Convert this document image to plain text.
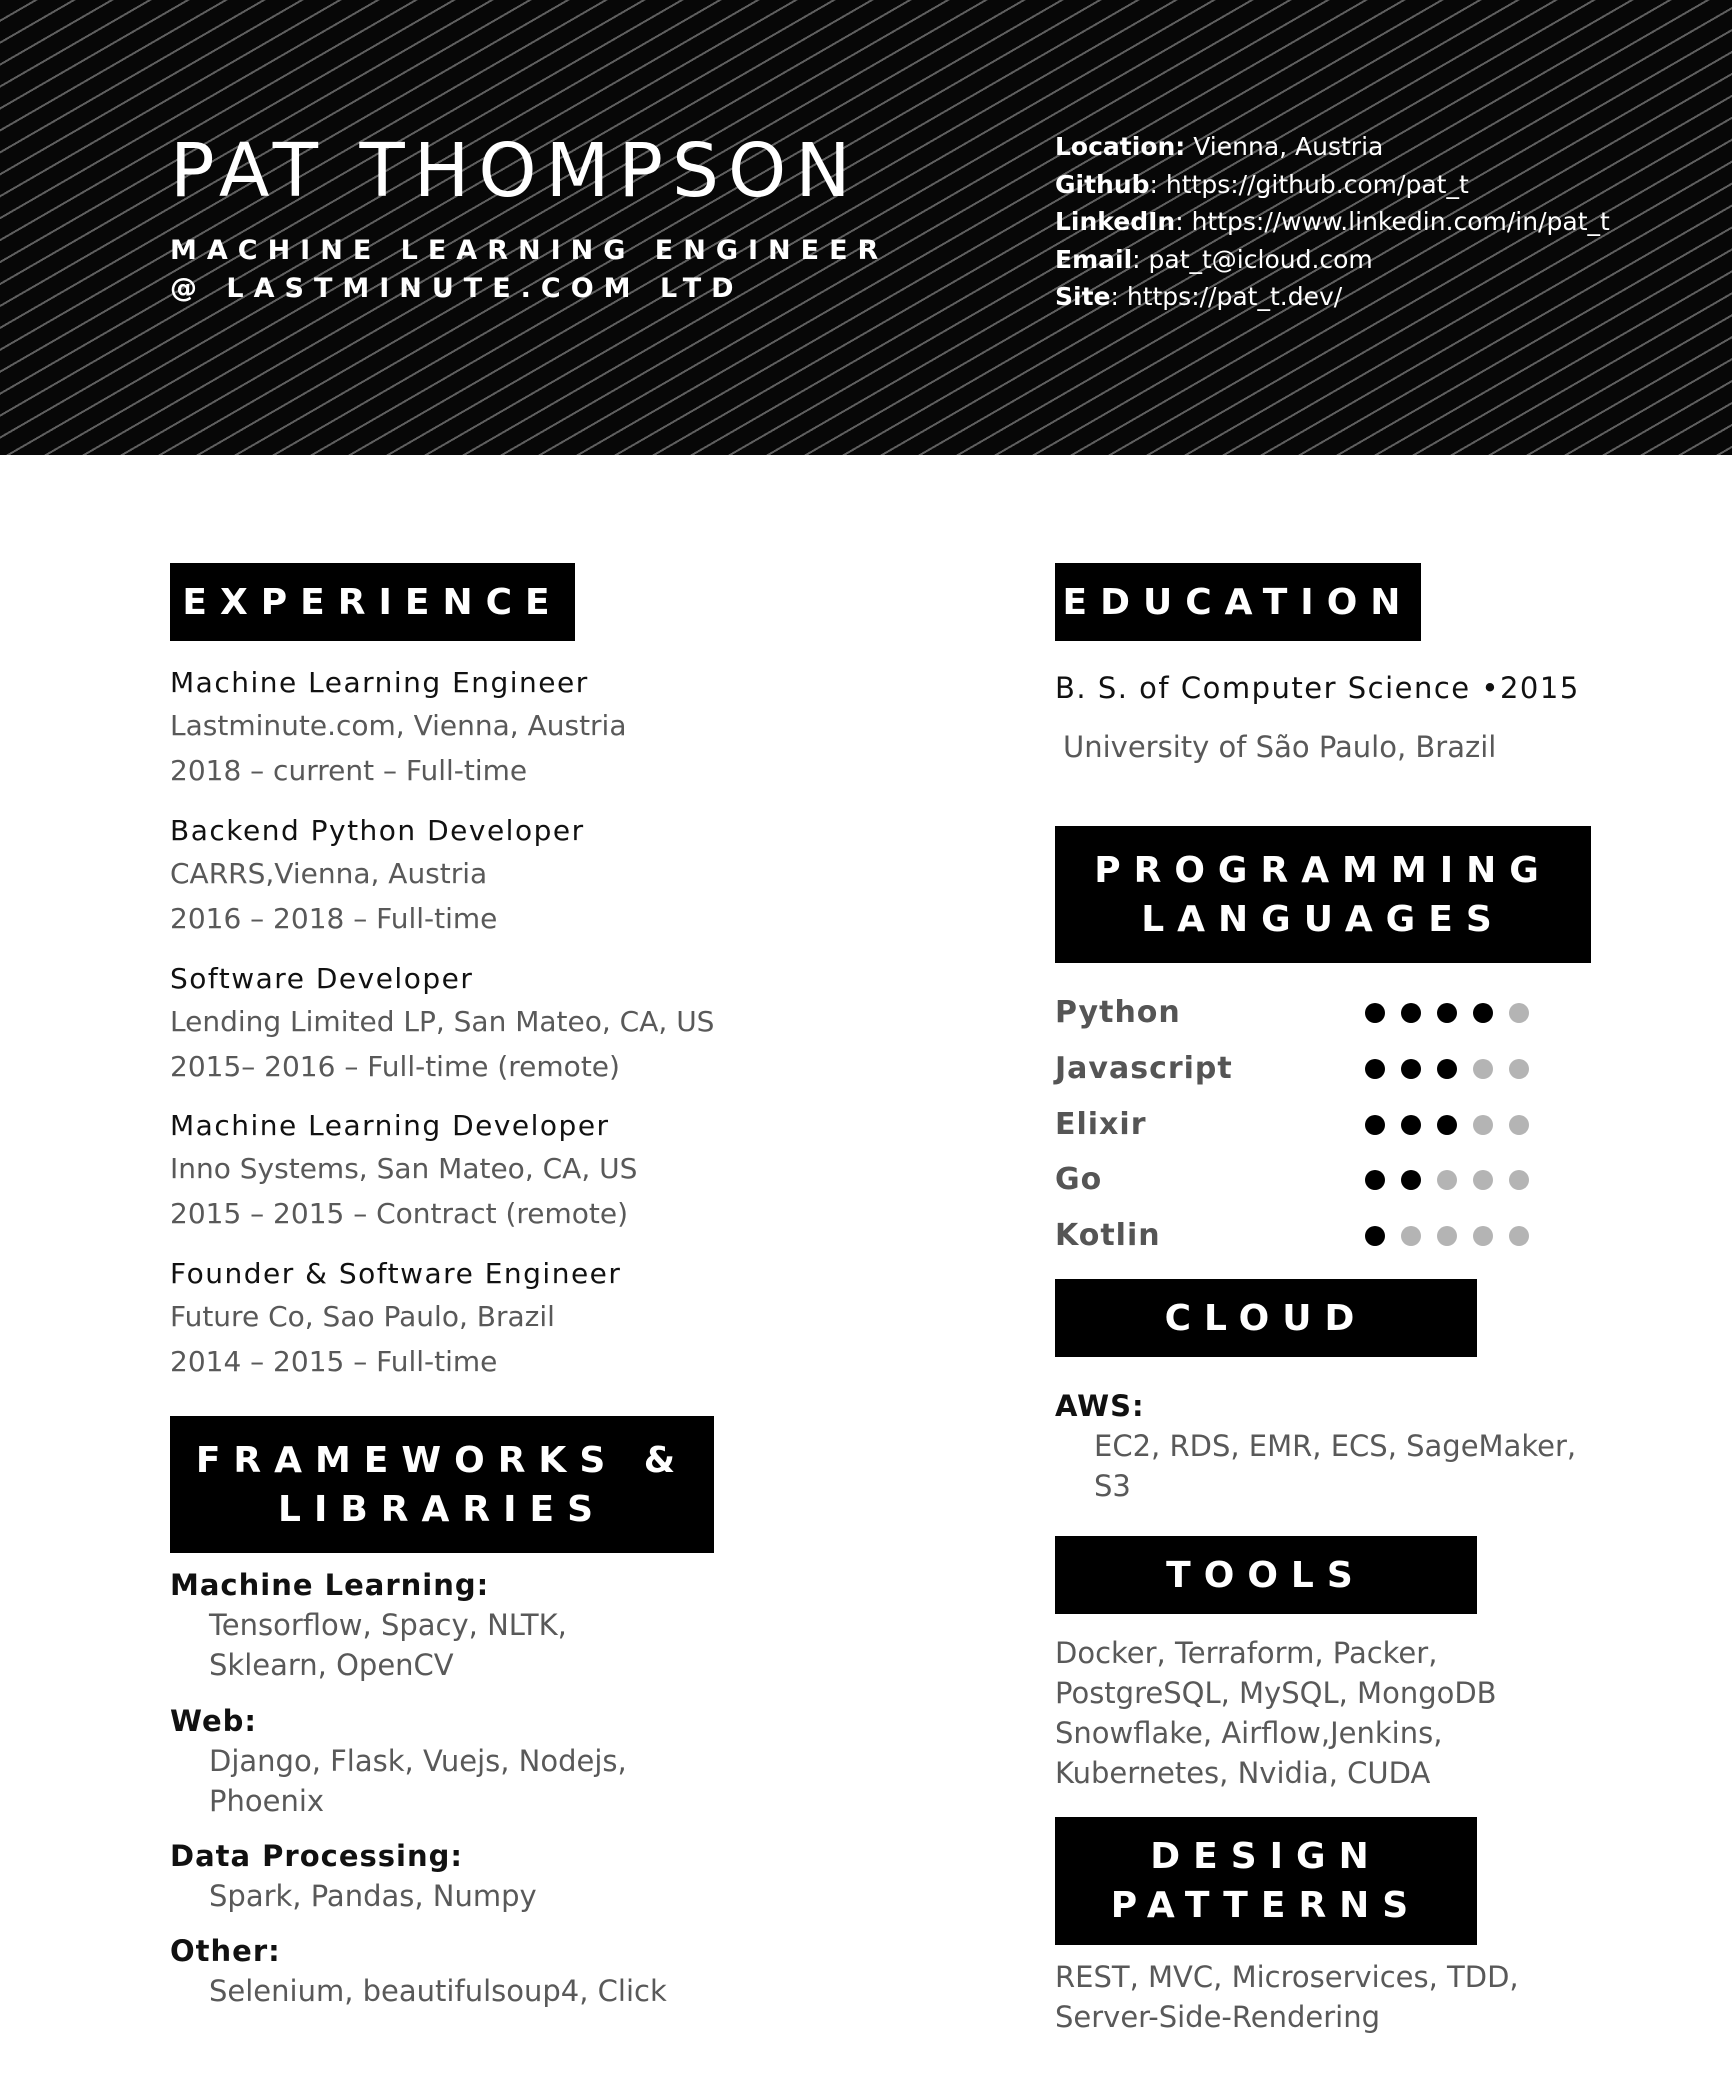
PAT THOMPSON
MACHINE LEARNING ENGINEER @ LASTMINUTE.COM LTD
Location: Vienna, Austria
Github: https://github.com/pat_t
LinkedIn: https://www.linkedin.com/in/pat_t
Email: pat_t@icloud.com
Site: https://pat_t.dev/
EXPERIENCE
Machine Learning Engineer
Lastminute.com, Vienna, Austria
2018 – current – Full-time
Backend Python Developer
CARRS,Vienna, Austria
2016 – 2018 – Full-time
Software Developer
Lending Limited LP, San Mateo, CA, US
2015– 2016 – Full-time (remote)
Machine Learning Developer
Inno Systems, San Mateo, CA, US
2015 – 2015 – Contract (remote)
Founder & Software Engineer
Future Co, Sao Paulo, Brazil
2014 – 2015 – Full-time
FRAMEWORKS & LIBRARIES
Machine Learning:
Tensorflow, Spacy, NLTK,
Sklearn, OpenCV
Web:
Django, Flask, Vuejs, Nodejs,
Phoenix
Data Processing:
Spark, Pandas, Numpy
Other:
Selenium, beautifulsoup4, Click
EDUCATION
B. S. of Computer Science •2015
University of São Paulo, Brazil
PROGRAMMING LANGUAGES
Python
Javascript
Elixir
Go
Kotlin
CLOUD
AWS:
EC2, RDS, EMR, ECS, SageMaker,
S3
TOOLS
Docker, Terraform, Packer,
PostgreSQL, MySQL, MongoDB
Snowflake, Airflow,Jenkins,
Kubernetes, Nvidia, CUDA
DESIGN PATTERNS
REST, MVC, Microservices, TDD,
Server-Side-Rendering
